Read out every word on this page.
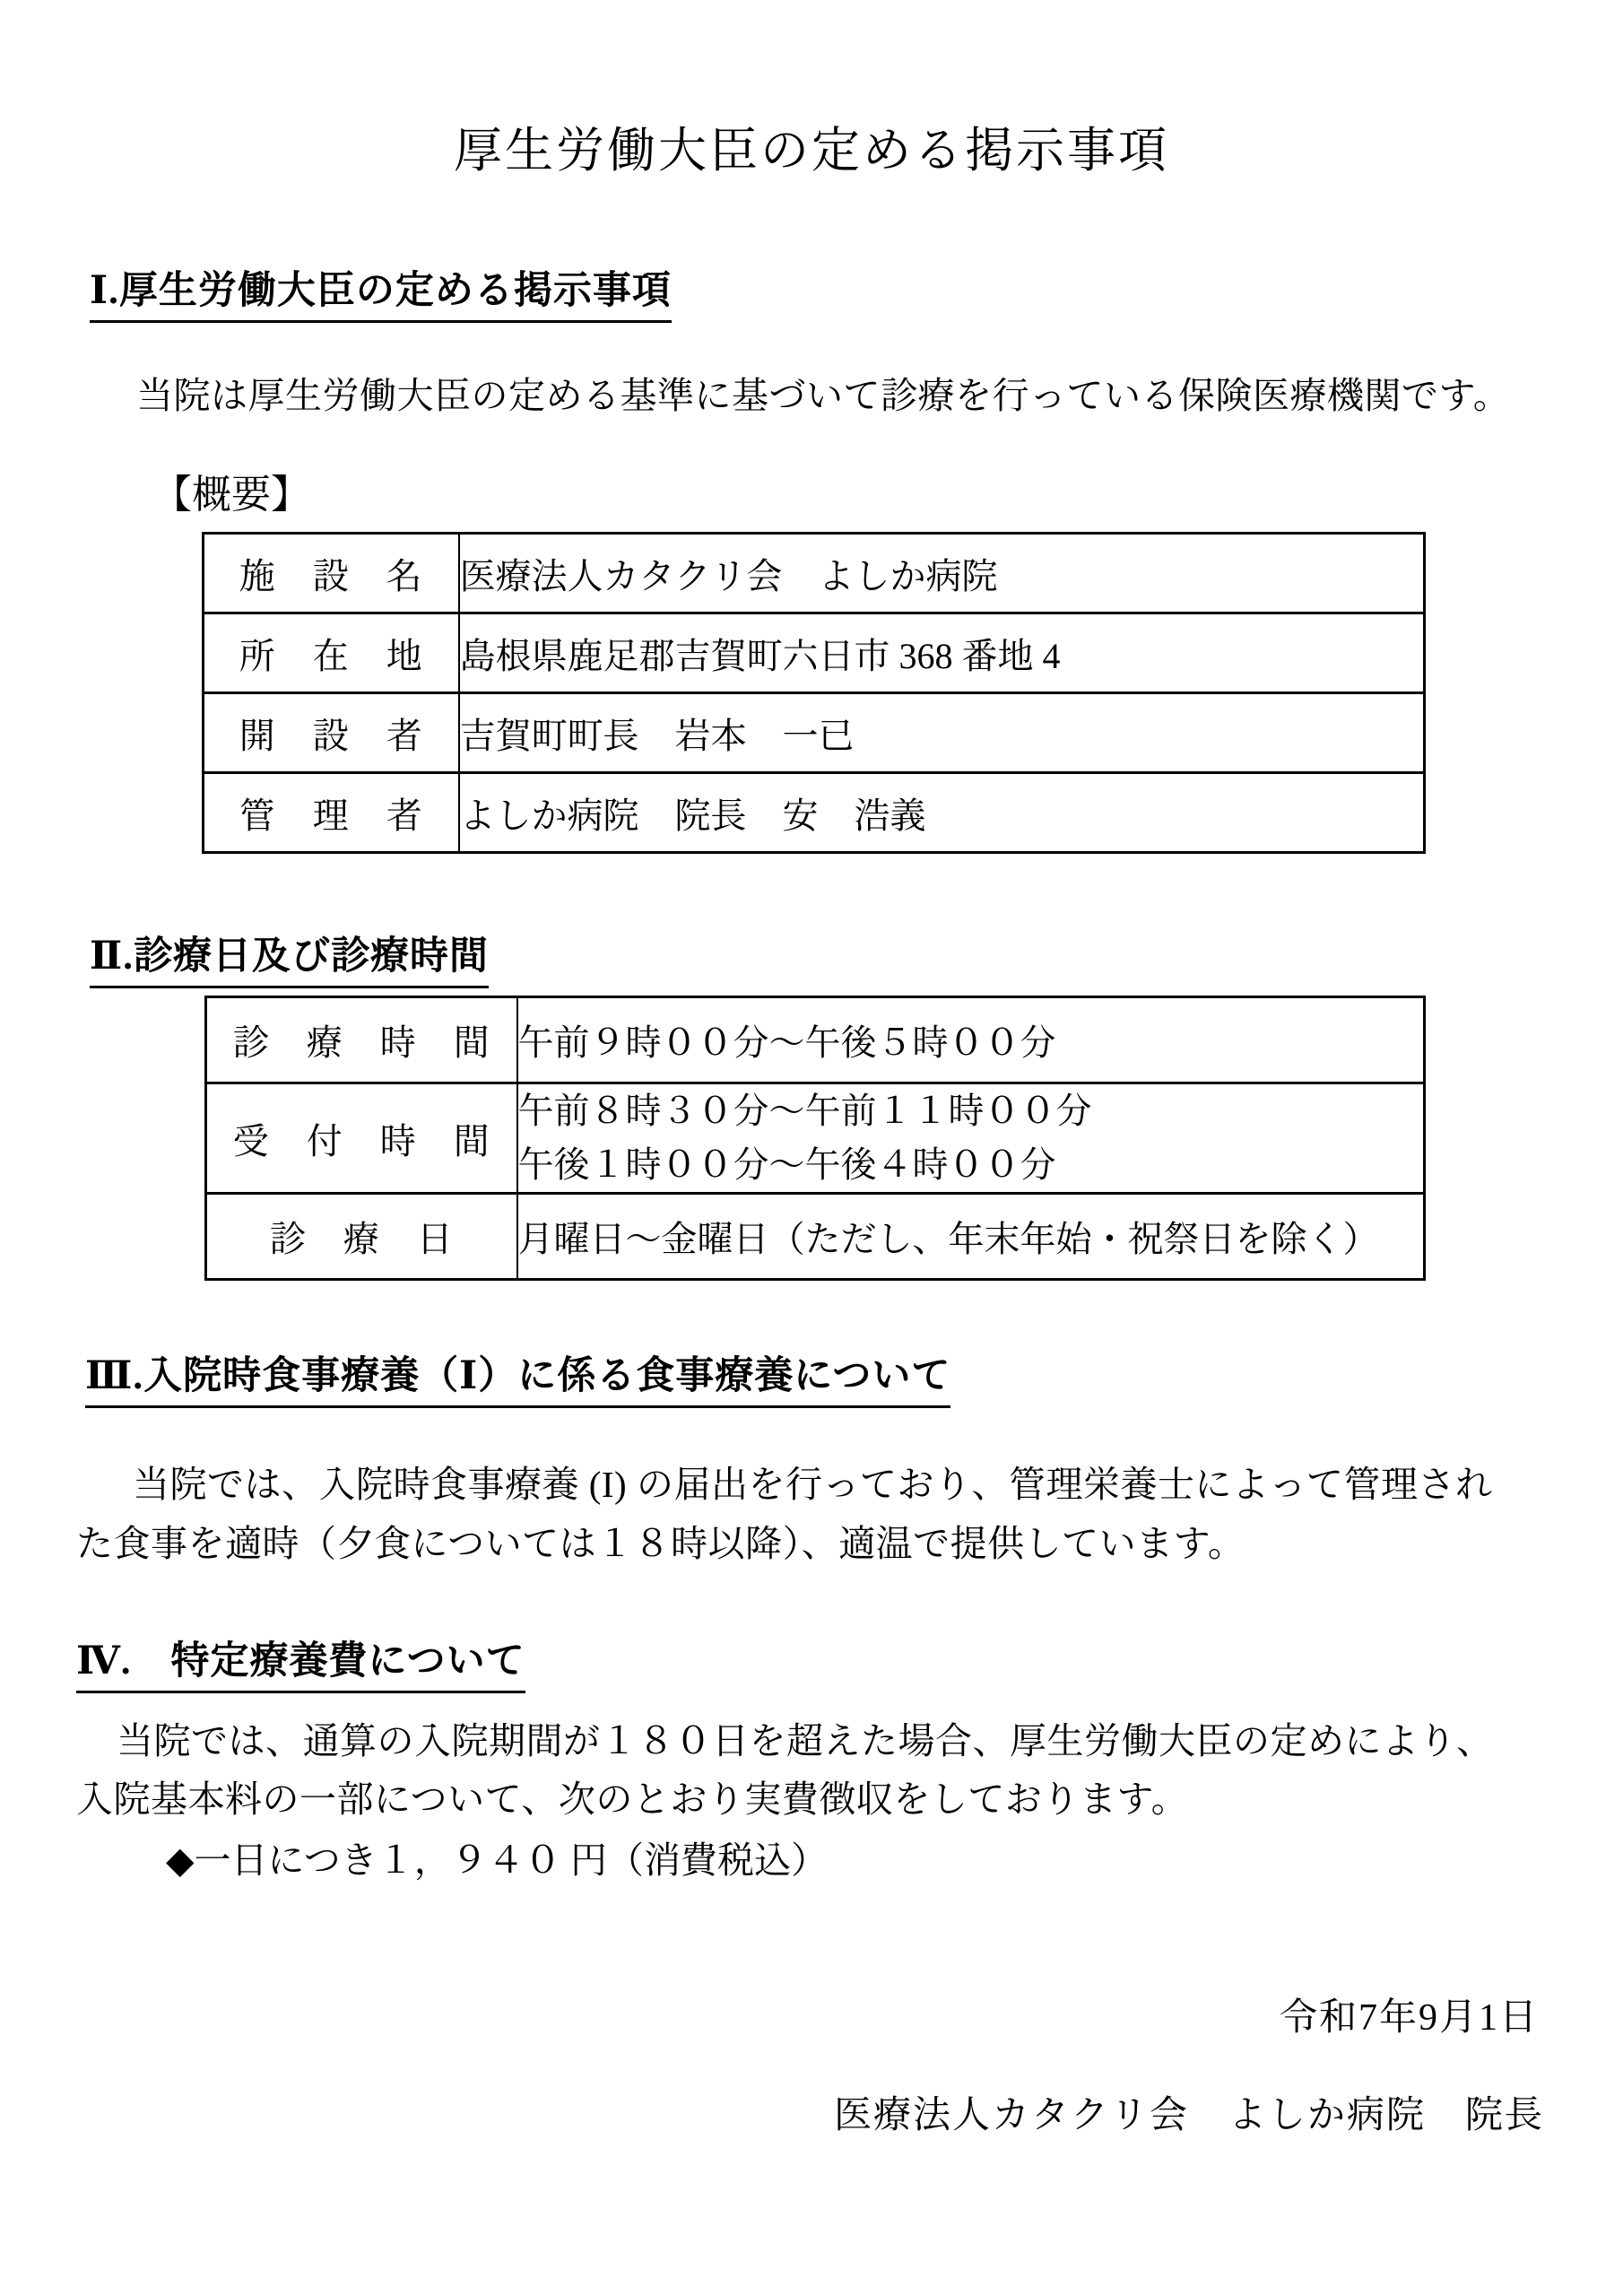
厚生労働大臣の定める掲示事項
Ⅰ.厚生労働大臣の定める掲示事項
当院は厚生労働大臣の定める基準に基づいて診療を行っている保険医療機関です。
【概要】
施　設　名	医療法人カタクリ会　よしか病院
所　在　地	島根県鹿足郡吉賀町六日市 368 番地 4
開　設　者	吉賀町町長　岩本　一已
管　理　者	よしか病院　院長　安　浩義
Ⅱ.診療日及び診療時間
診　療　時　間	午前９時００分～午後５時００分
受　付　時　間	午前８時３０分～午前１１時００分
午後１時００分～午後４時００分

診　療　日	月曜日～金曜日（ただし、年末年始・祝祭日を除く）
Ⅲ.入院時食事療養（Ⅰ）に係る食事療養について
当院では、入院時食事療養 (I) の届出を行っており、管理栄養士によって管理され
た食事を適時（夕食については１８時以降）、適温で提供しています。
Ⅳ.　特定療養費について
当院では、通算の入院期間が１８０日を超えた場合、厚生労働大臣の定めにより、
入院基本料の一部について、次のとおり実費徴収をしております。
◆一日につき１，９４０ 円（消費税込）
令和7年9月1日
医療法人カタクリ会　よしか病院　院長
